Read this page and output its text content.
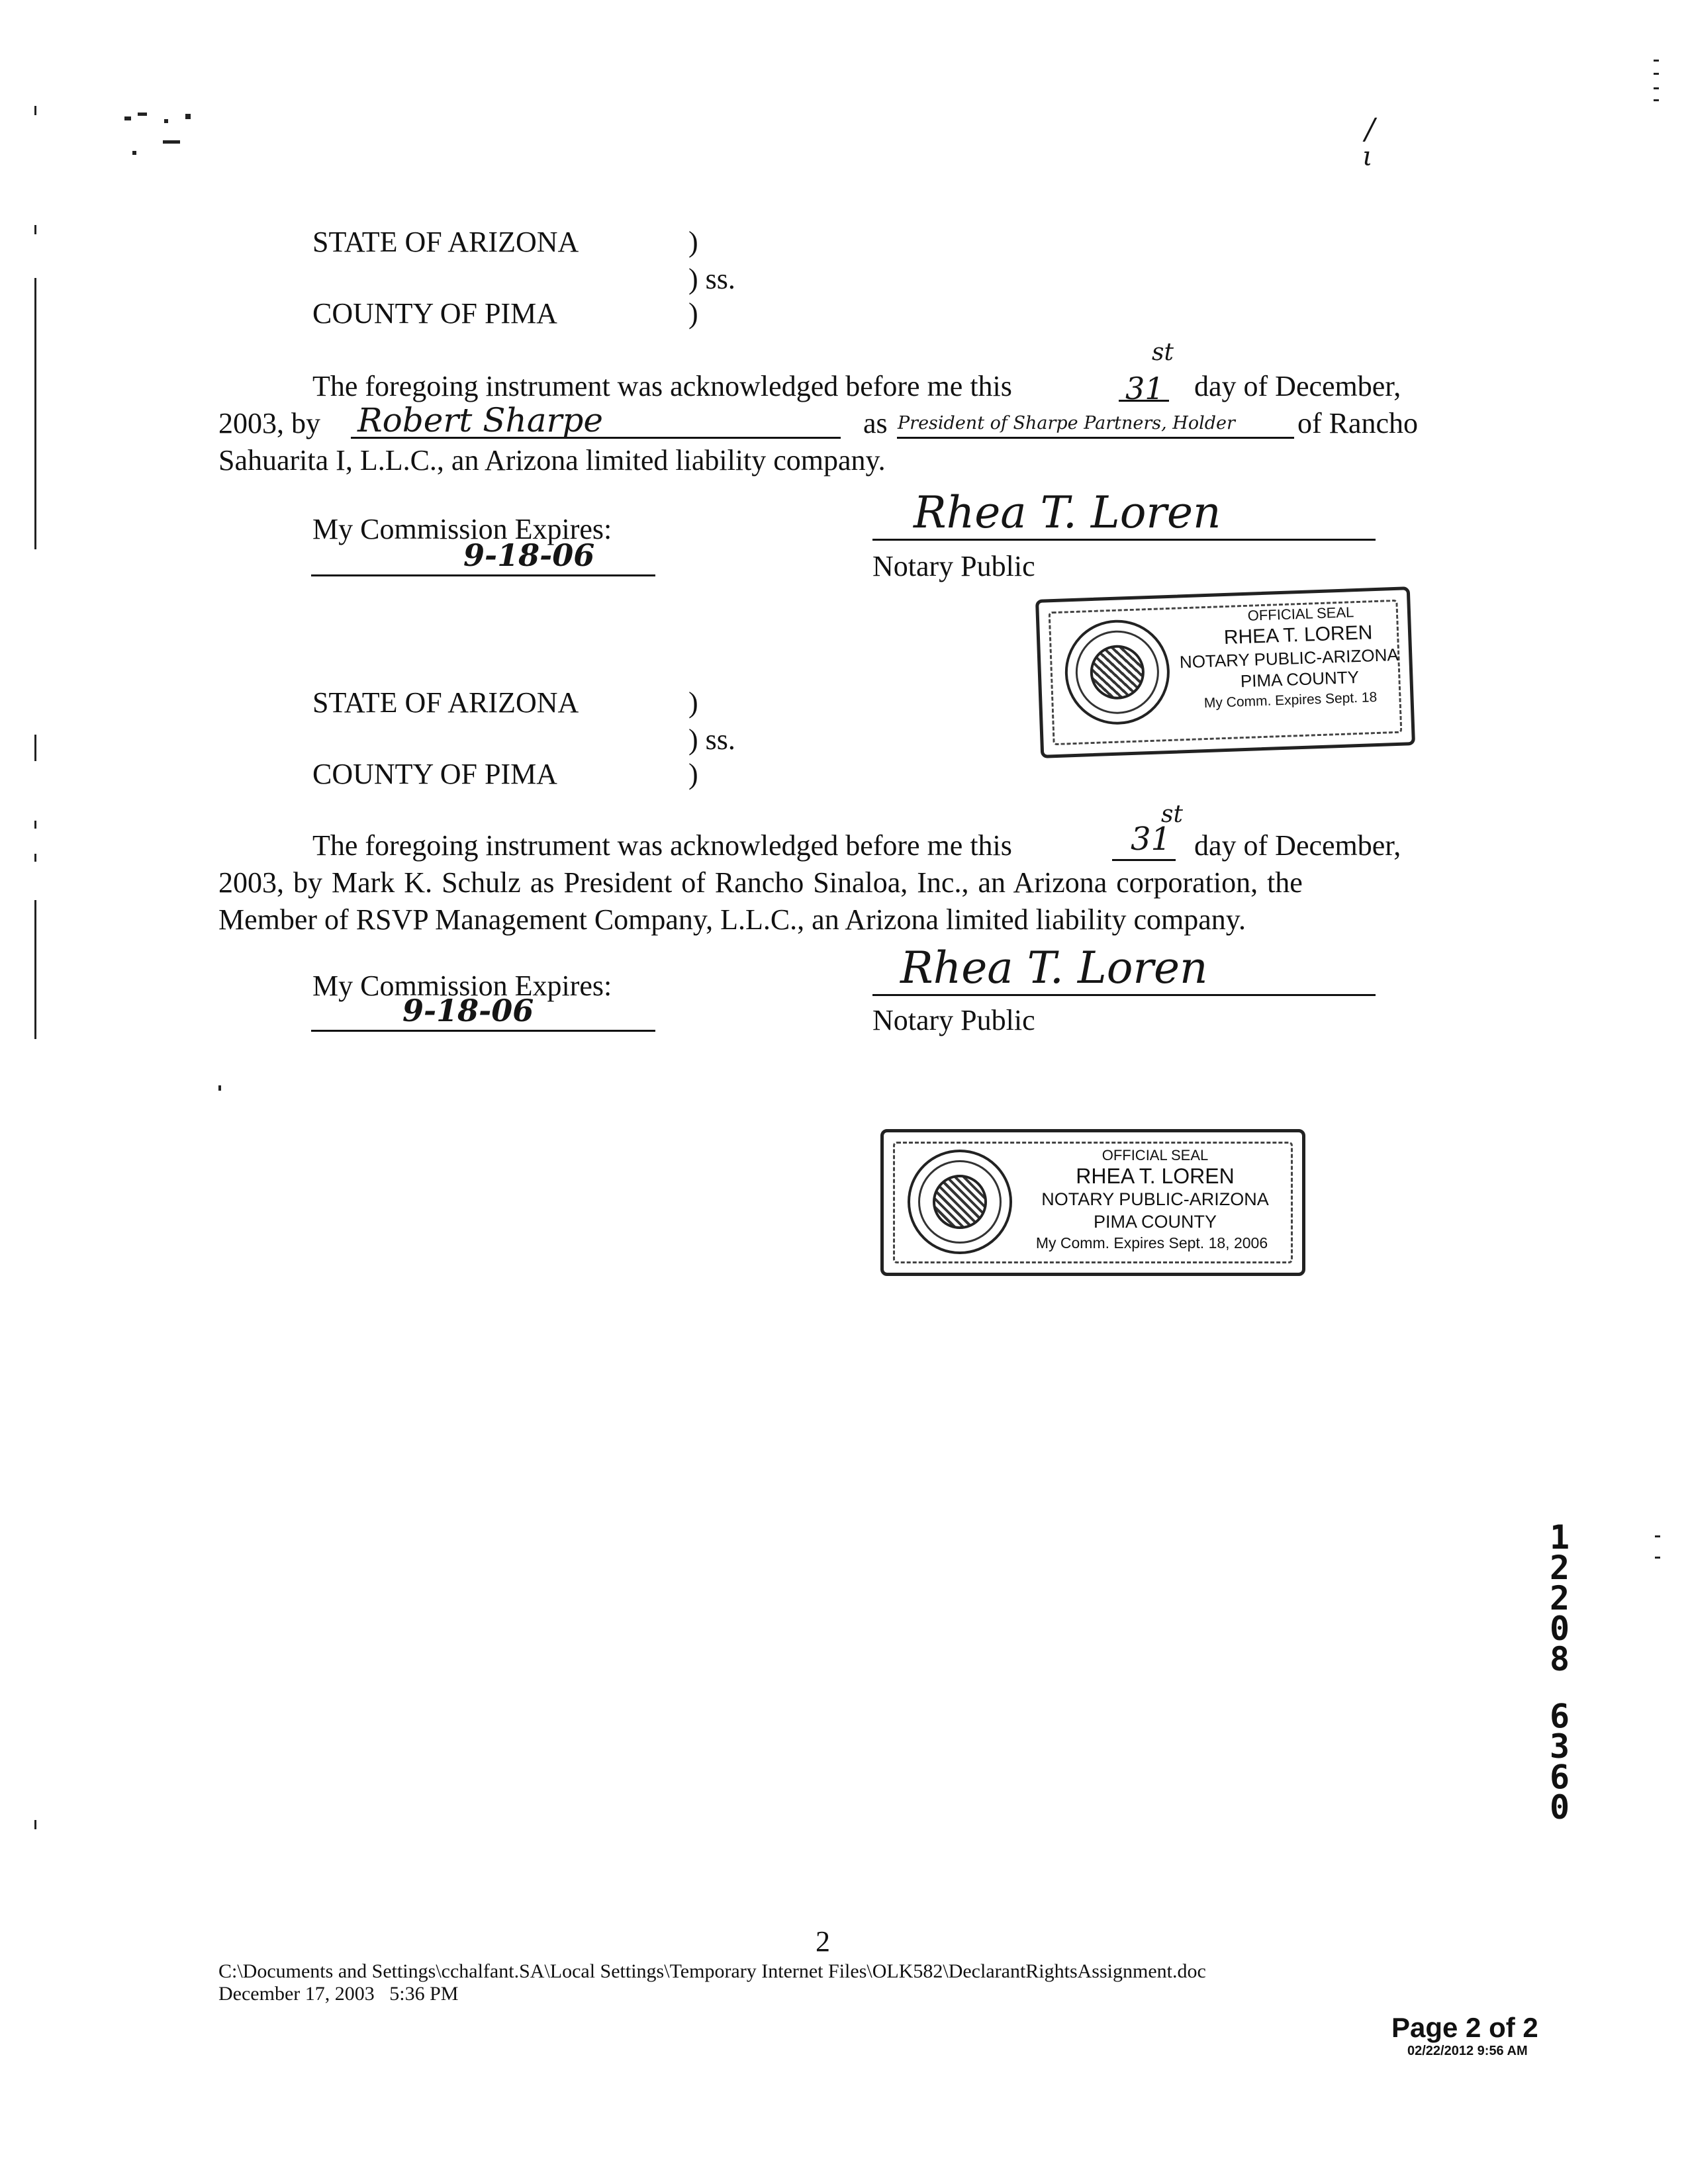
/
ι
STATE OF ARIZONA	)
) ss.
COUNTY OF PIMA	)
The foregoing instrument was acknowledged before me this	31
st
day of December,
2003, by Robert Sharpe	as President of Sharpe Partners, Holder of Rancho
Sahuarita I, L.L.C., an Arizona limited liability company.
My Commission Expires:
9-18-06
Rhea T. Loren
Notary Public
OFFICIAL SEAL
RHEA T. LOREN
NOTARY PUBLIC-ARIZONA
PIMA COUNTY
My Comm. Expires Sept. 18
STATE OF ARIZONA	)
) ss.
COUNTY OF PIMA	)
The foregoing instrument was acknowledged before me this	31
st
day of December,
2003, by Mark K. Schulz as President of Rancho Sinaloa, Inc., an Arizona corporation, the
Member of RSVP Management Company, L.L.C., an Arizona limited liability company.
My Commission Expires:
9-18-06
Rhea T. Loren
Notary Public
OFFICIAL SEAL
RHEA T. LOREN
NOTARY PUBLIC-ARIZONA
PIMA COUNTY
My Comm. Expires Sept. 18, 2006
1
2
2
0
8
6
3
6
0
2
C:\Documents and Settings\cchalfant.SA\Local Settings\Temporary Internet Files\OLK582\DeclarantRightsAssignment.doc
December 17, 2003   5:36 PM
Page 2 of 2
02/22/2012 9:56 AM
